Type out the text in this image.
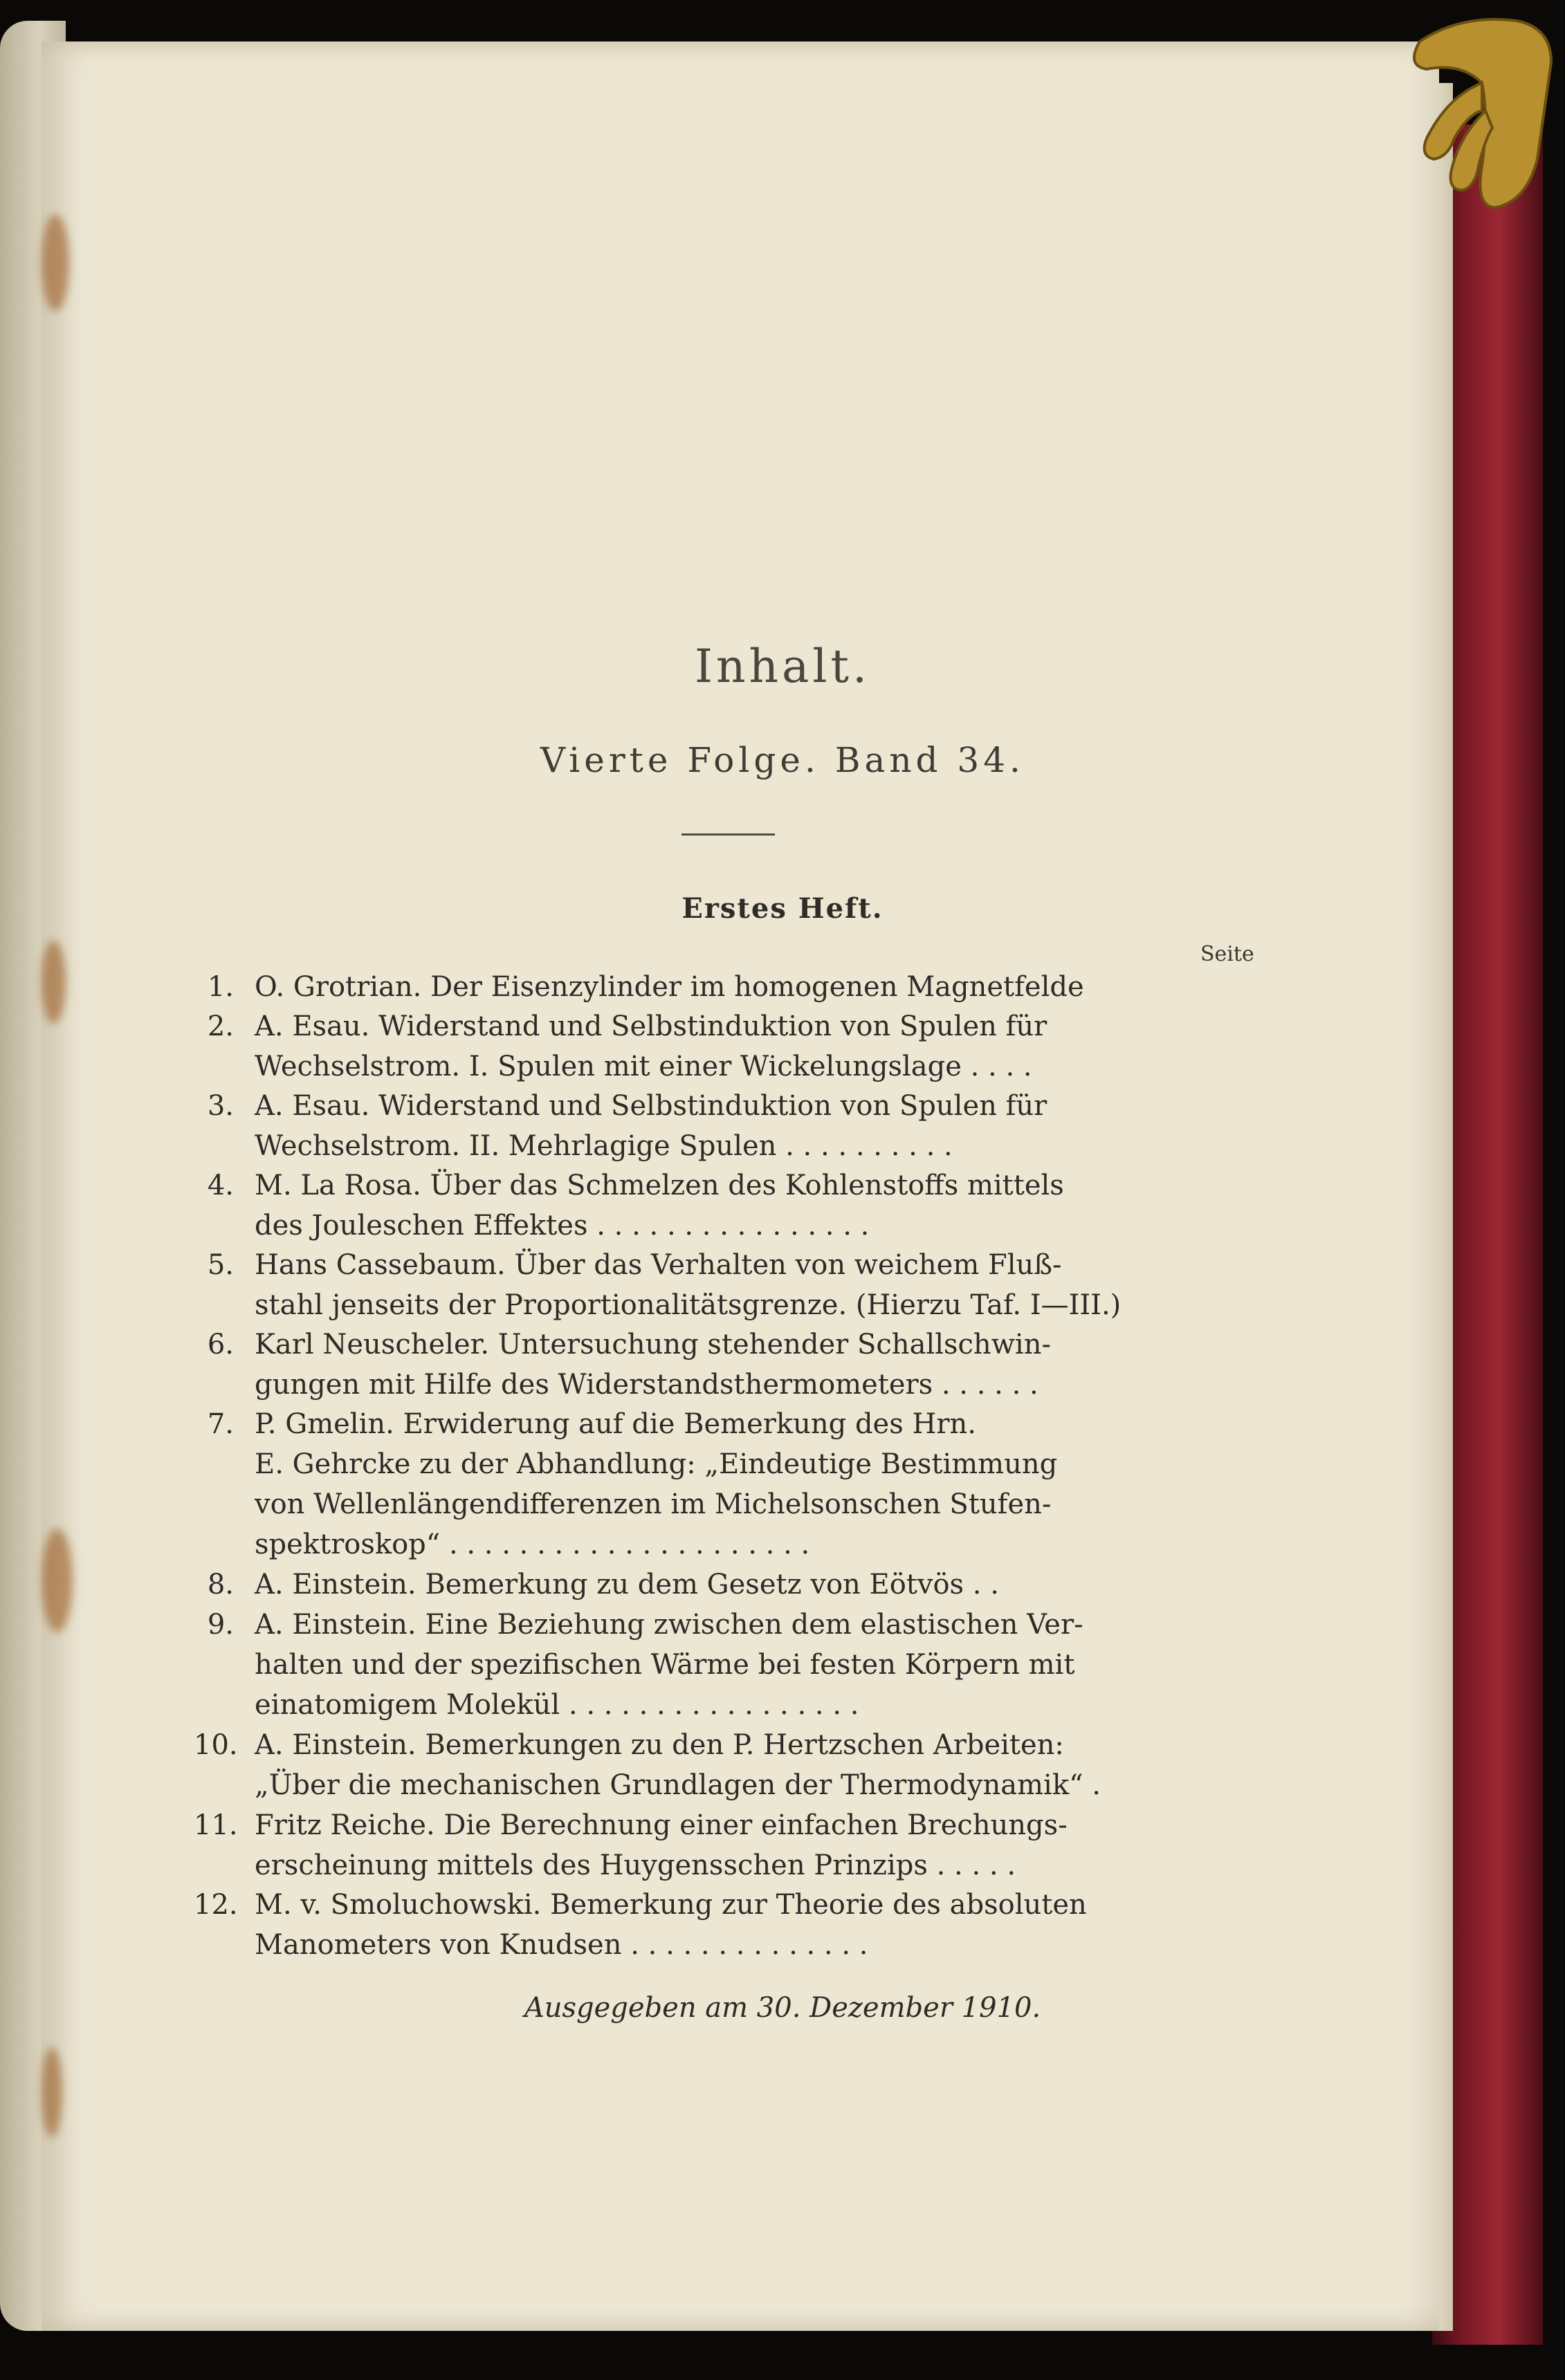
Inhalt.
Vierte Folge. Band 34.
Erstes Heft.
Seite
1. O. Grotrian. Der Eisenzylinder im homogenen Magnetfelde
2. A. Esau. Widerstand und Selbstinduktion von Spulen für
Wechselstrom. I. Spulen mit einer Wickelungslage . . . .
3. A. Esau. Widerstand und Selbstinduktion von Spulen für
Wechselstrom. II. Mehrlagige Spulen . . . . . . . . . .
4. M. La Rosa. Über das Schmelzen des Kohlenstoffs mittels
des Jouleschen Effektes . . . . . . . . . . . . . . . .
5. Hans Cassebaum. Über das Verhalten von weichem Fluß-
stahl jenseits der Proportionalitätsgrenze. (Hierzu Taf. I—III.)
6. Karl Neuscheler. Untersuchung stehender Schallschwin-
gungen mit Hilfe des Widerstandsthermometers . . . . . .
7. P. Gmelin. Erwiderung auf die Bemerkung des Hrn.
E. Gehrcke zu der Abhandlung: „Eindeutige Bestimmung
von Wellenlängendifferenzen im Michelsonschen Stufen-
spektroskop“ . . . . . . . . . . . . . . . . . . . . .
8. A. Einstein. Bemerkung zu dem Gesetz von Eötvös . .
9. A. Einstein. Eine Beziehung zwischen dem elastischen Ver-
halten und der spezifischen Wärme bei festen Körpern mit
einatomigem Molekül . . . . . . . . . . . . . . . . .
10. A. Einstein. Bemerkungen zu den P. Hertzschen Arbeiten:
„Über die mechanischen Grundlagen der Thermodynamik“ .
11. Fritz Reiche. Die Berechnung einer einfachen Brechungs-
erscheinung mittels des Huygensschen Prinzips . . . . .
12. M. v. Smoluchowski. Bemerkung zur Theorie des absoluten
Manometers von Knudsen . . . . . . . . . . . . . .
Ausgegeben am 30. Dezember 1910.
